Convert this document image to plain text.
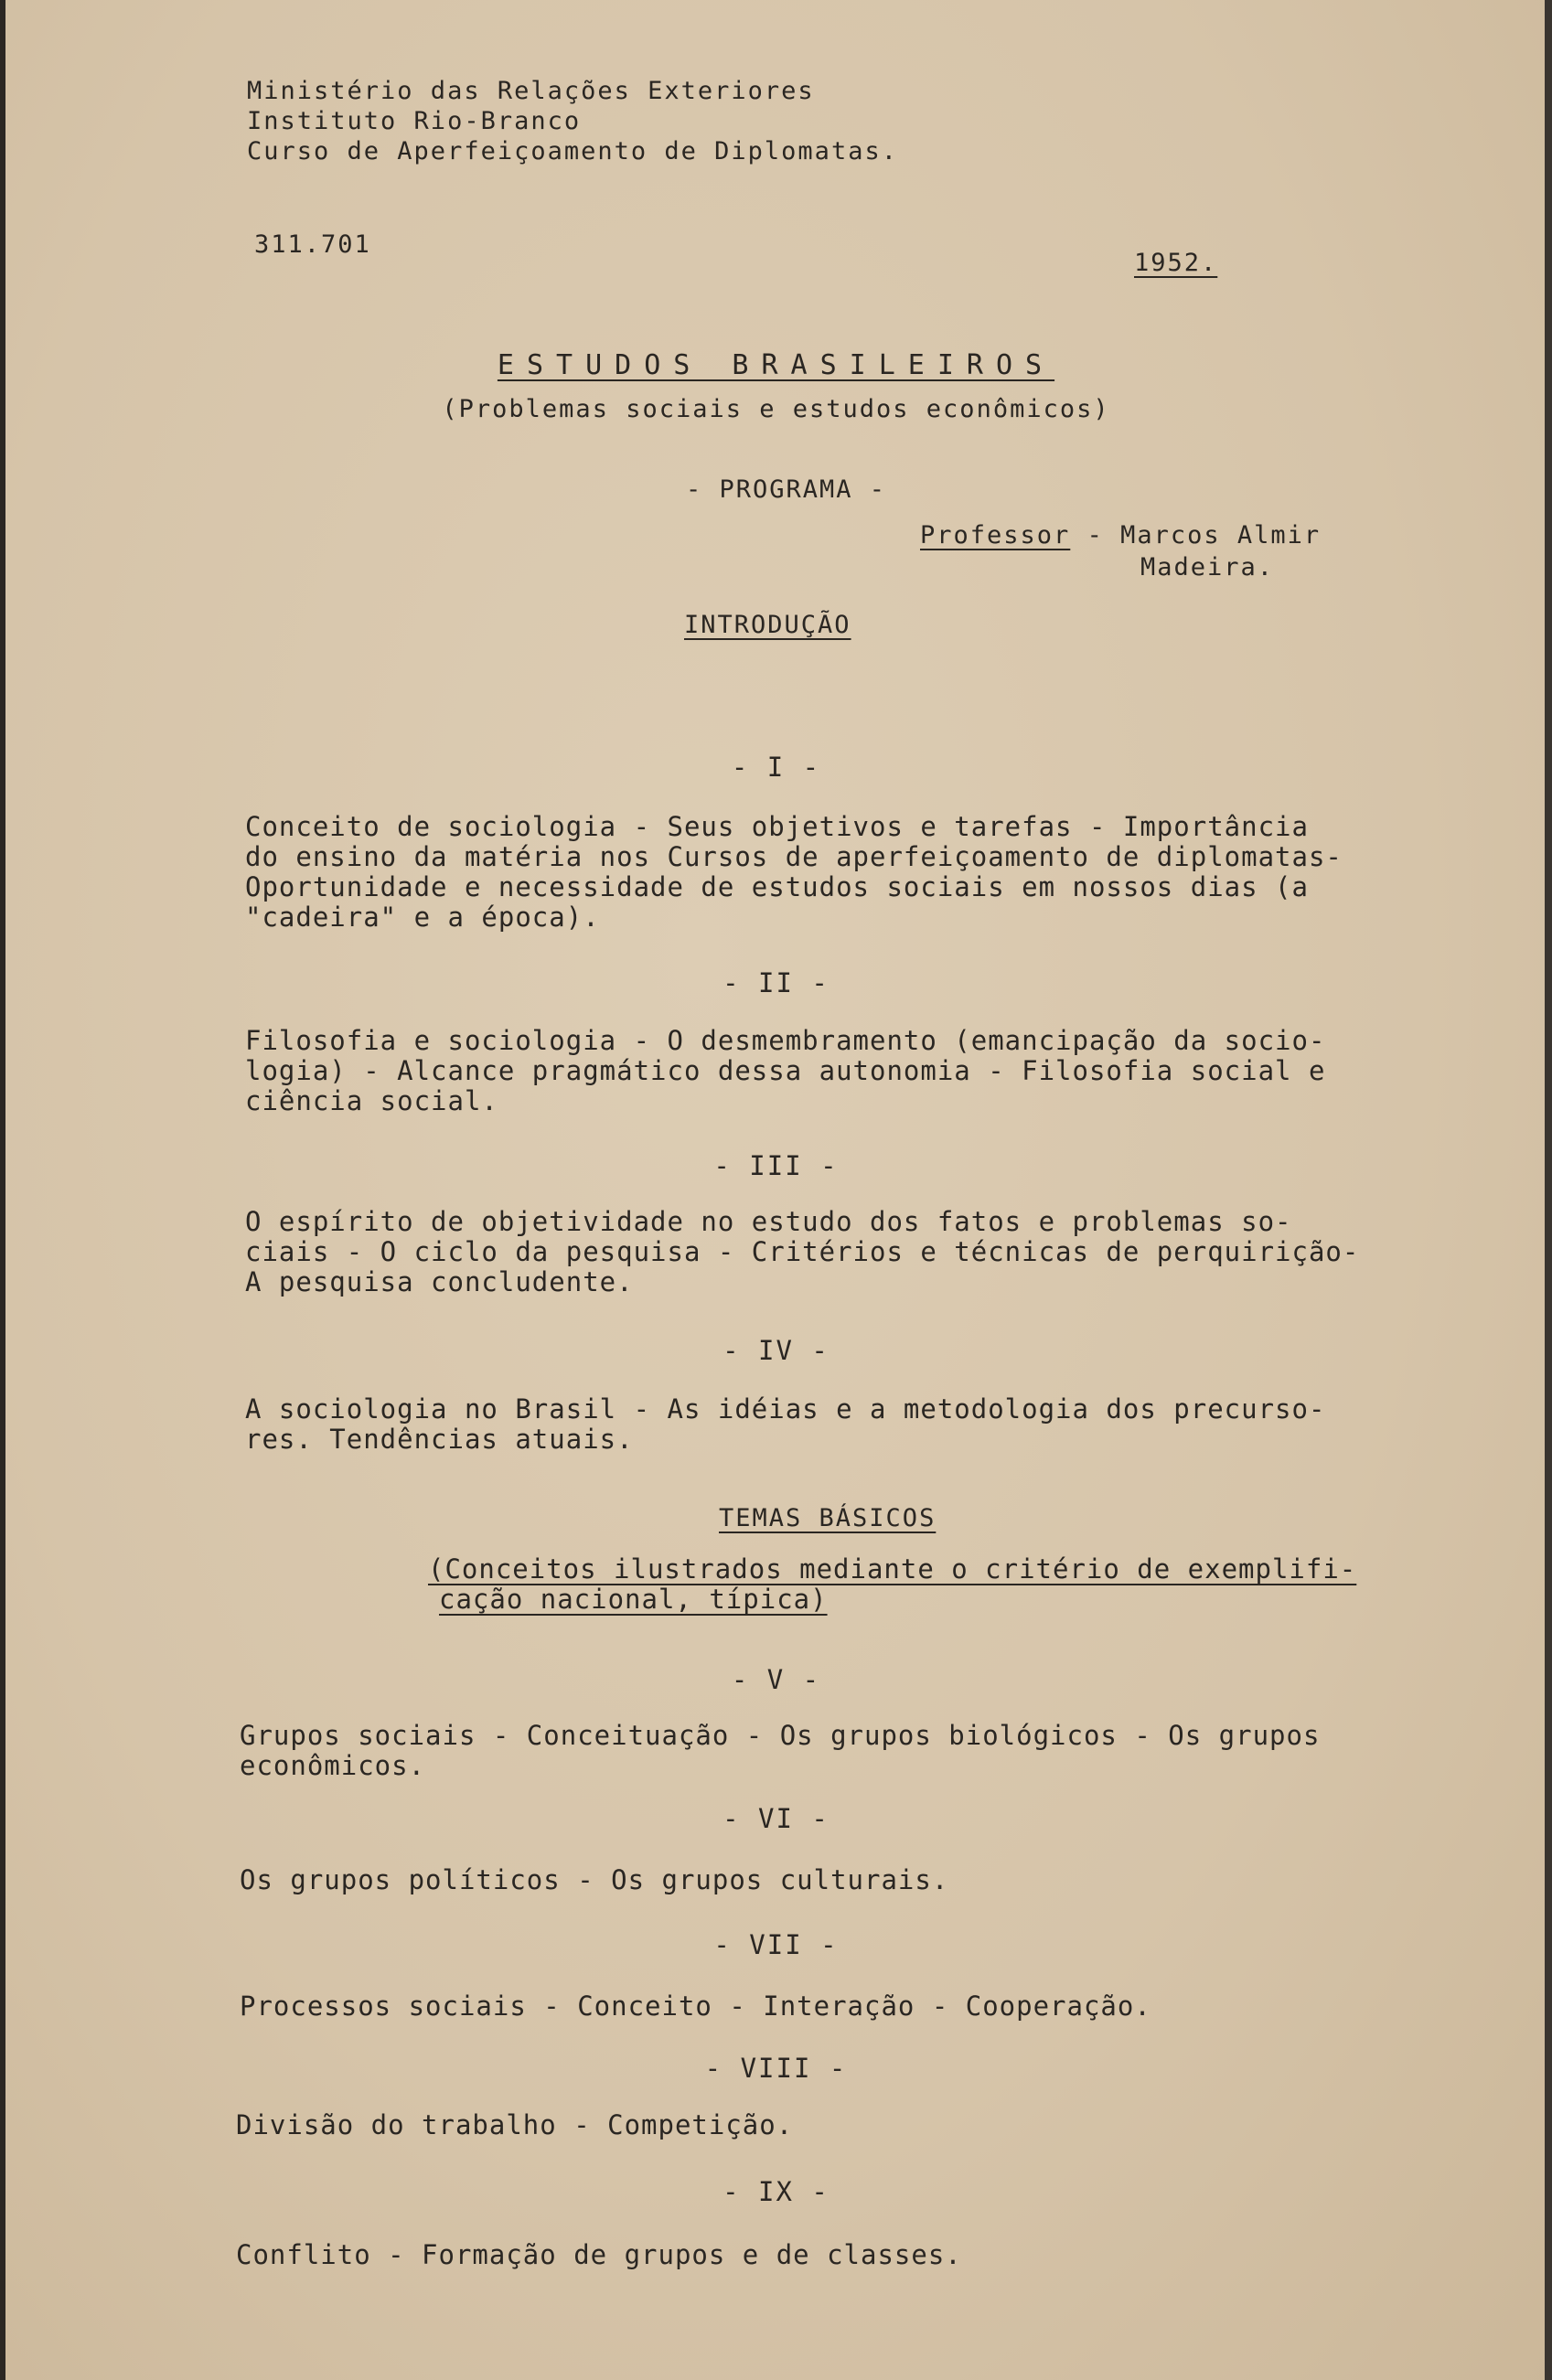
Ministério das Relações Exteriores
Instituto Rio-Branco
Curso de Aperfeiçoamento de Diplomatas.
311.701
1952.
ESTUDOS BRASILEIROS
(Problemas sociais e estudos econômicos)
- PROGRAMA -
Professor - Marcos Almir
Madeira.
INTRODUÇÃO
- I -

Conceito de sociologia - Seus objetivos e tarefas - Importância

do ensino da matéria nos Cursos de aperfeiçoamento de diplomatas-

Oportunidade e necessidade de estudos sociais em nossos dias (a

"cadeira" e a época).

- II -

Filosofia e sociologia - O desmembramento (emancipação da socio-

logia) - Alcance pragmático dessa autonomia - Filosofia social e

ciência social.

- III -

O espírito de objetividade no estudo dos fatos e problemas so-

ciais - O ciclo da pesquisa - Critérios e técnicas de perquirição-

A pesquisa concludente.

- IV -

A sociologia no Brasil - As idéias e a metodologia dos precurso-

res. Tendências atuais.

TEMAS BÁSICOS
(Conceitos ilustrados mediante o critério de exemplifi-
cação nacional, típica)
- V -

Grupos sociais - Conceituação - Os grupos biológicos - Os grupos

econômicos.

- VI -

Os grupos políticos - Os grupos culturais.

- VII -

Processos sociais - Conceito - Interação - Cooperação.

- VIII -

Divisão do trabalho - Competição.

- IX -

Conflito - Formação de grupos e de classes.
